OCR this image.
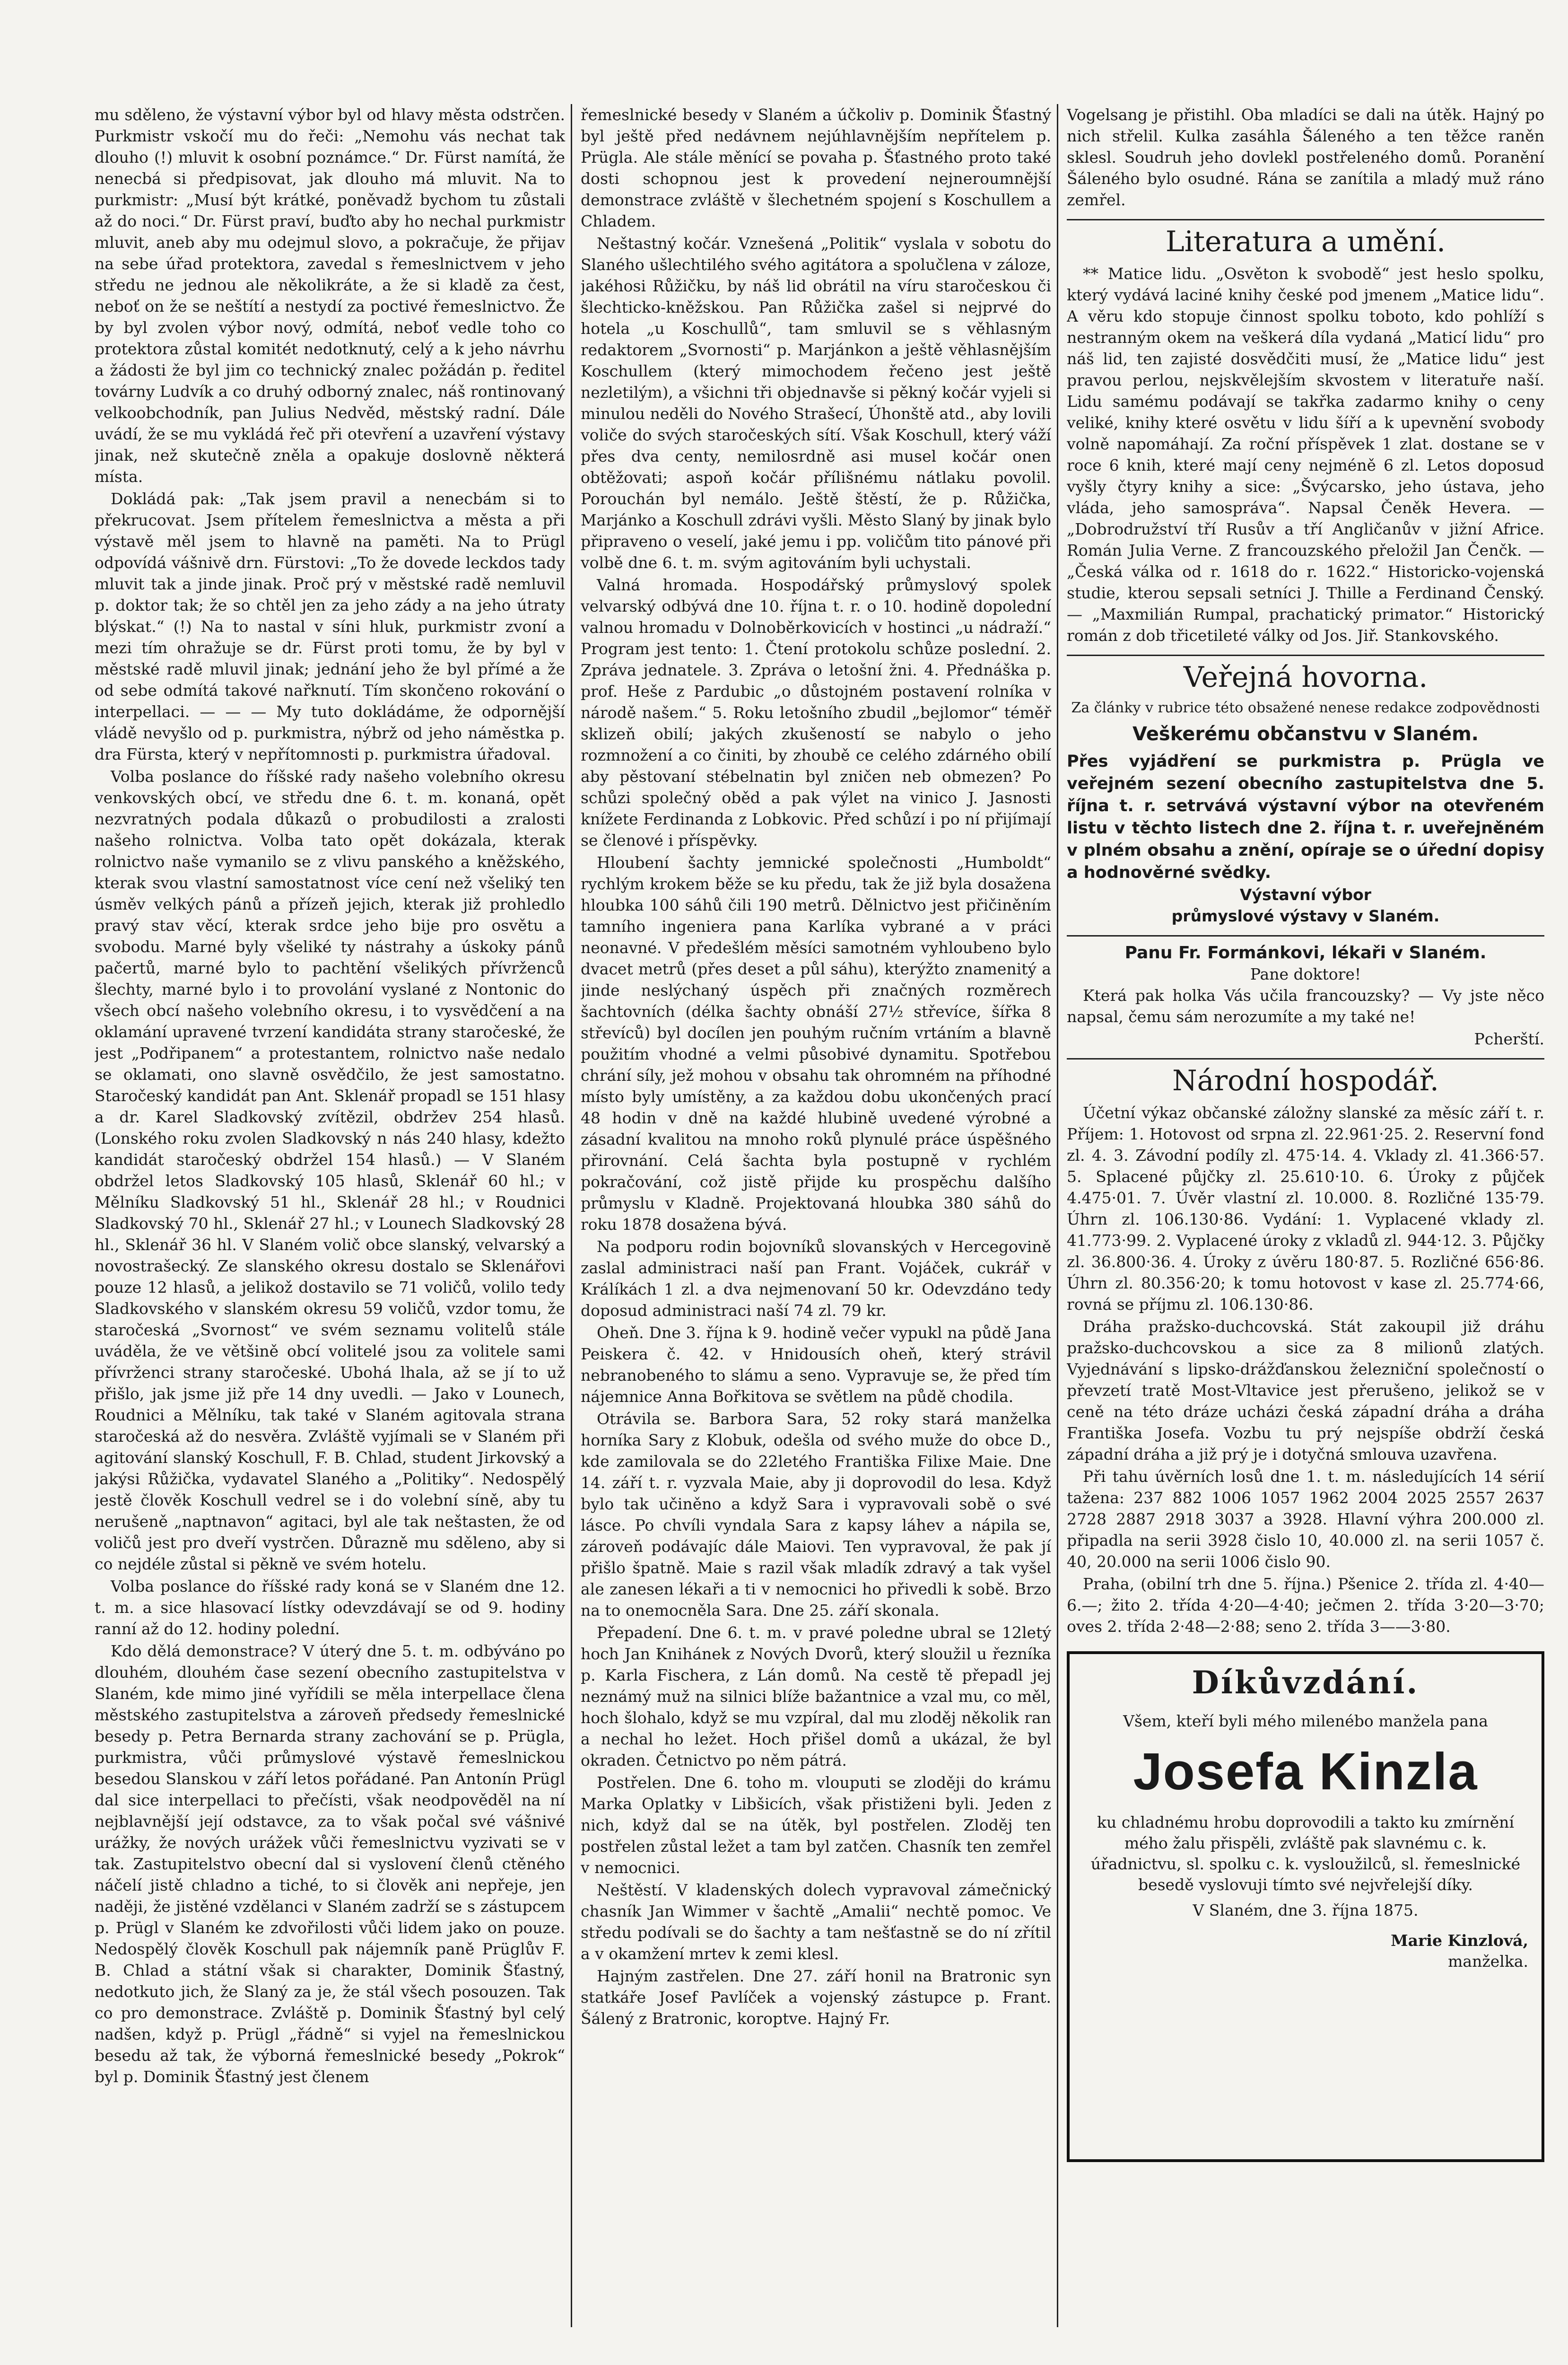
mu sděleno, že výstavní výbor byl od hlavy města odstrčen. Purkmistr vskočí mu do řeči: „Nemohu vás nechat tak dlouho (!) mluvit k osobní poznámce.“ Dr. Fürst namítá, že nenecbá si předpisovat, jak dlouho má mluvit. Na to purkmistr: „Musí být krátké, poněvadž bychom tu zůstali až do noci.“ Dr. Fürst praví, buďto aby ho nechal purkmistr mluvit, aneb aby mu odejmul slovo, a pokračuje, že přijav na sebe úřad protektora, zavedal s řemeslnictvem v jeho středu ne jednou ale několikráte, a že si kladě za čest, neboť on že se neštítí a nestydí za poctivé řemeslnictvo. Že by byl zvolen výbor nový, odmítá, neboť vedle toho co protektora zůstal komitét nedotknutý, celý a k jeho návrhu a žádosti že byl jim co technický znalec požádán p. ředitel továrny Ludvík a co druhý odborný znalec, náš rontinovaný velkoobchodník, pan Julius Nedvěd, městský radní. Dále uvádí, že se mu vykládá řeč při otevření a uzavření výstavy jinak, než skutečně zněla a opakuje doslovně některá místa.

Dokládá pak: „Tak jsem pravil a nenecbám si to překrucovat. Jsem přítelem řemeslnictva a města a při výstavě měl jsem to hlavně na paměti. Na to Prügl odpovídá vášnivě drn. Fürstovi: „To že dovede leckdos tady mluvit tak a jinde jinak. Proč prý v městské radě nemluvil p. doktor tak; že so chtěl jen za jeho zády a na jeho útraty blýskat.“ (!) Na to nastal v síni hluk, purkmistr zvoní a mezi tím ohražuje se dr. Fürst proti tomu, že by byl v městské radě mluvil jinak; jednání jeho že byl přímé a že od sebe odmítá takové nařknutí. Tím skončeno rokování o interpellaci. — — — My tuto dokládáme, že odpornější vládě nevyšlo od p. purkmistra, nýbrž od jeho náměstka p. dra Fürsta, který v nepřítomnosti p. purkmistra úřadoval.

Volba poslance do říšské rady našeho volebního okresu venkovských obcí, ve středu dne 6. t. m. konaná, opět nezvratných podala důkazů o probudilosti a zralosti našeho rolnictva. Volba tato opět dokázala, kterak rolnictvo naše vymanilo se z vlivu panského a kněžského, kterak svou vlastní samostatnost více cení než všeliký ten úsměv velkých pánů a přízeň jejich, kterak již prohledlo pravý stav věcí, kterak srdce jeho bije pro osvětu a svobodu. Marné byly všeliké ty nástrahy a úskoky pánů pačertů, marné bylo to pachtění všelikých přívrženců šlechty, marné bylo i to provolání vyslané z Nontonic do všech obcí našeho volebního okresu, i to vysvědčení a na oklamání upravené tvrzení kandidáta strany staročeské, že jest „Podřipanem“ a protestantem, rolnictvo naše nedalo se oklamati, ono slavně osvědčilo, že jest samostatno. Staročeský kandidát pan Ant. Sklenář propadl se 151 hlasy a dr. Karel Sladkovský zvítězil, obdržev 254 hlasů. (Lonského roku zvolen Sladkovský n nás 240 hlasy, kdežto kandidát staročeský obdržel 154 hlasů.) — V Slaném obdržel letos Sladkovský 105 hlasů, Sklenář 60 hl.; v Mělníku Sladkovský 51 hl., Sklenář 28 hl.; v Roudnici Sladkovský 70 hl., Sklenář 27 hl.; v Lounech Sladkovský 28 hl., Sklenář 36 hl. V Slaném volič obce slanský, velvarský a novostrašecký. Ze slanského okresu dostalo se Sklenářovi pouze 12 hlasů, a jelikož dostavilo se 71 voličů, volilo tedy Sladkovského v slanském okresu 59 voličů, vzdor tomu, že staročeská „Svornost“ ve svém seznamu volitelů stále uváděla, že ve většině obcí volitelé jsou za volitele sami přívrženci strany staročeské. Ubohá lhala, až se jí to už přišlo, jak jsme již pře 14 dny uvedli. — Jako v Lounech, Roudnici a Mělníku, tak také v Slaném agitovala strana staročeská až do nesvěra. Zvláště vyjímali se v Slaném při agitování slanský Koschull, F. B. Chlad, student Jirkovský a jakýsi Růžička, vydavatel Slaného a „Politiky“. Nedospělý jestě člověk Koschull vedrel se i do volební síně, aby tu nerušeně „naptnavon“ agitaci, byl ale tak neštasten, že od voličů jest pro dveří vystrčen. Důrazně mu sděleno, aby si co nejdéle zůstal si pěkně ve svém hotelu.

Volba poslance do říšské rady koná se v Slaném dne 12. t. m. a sice hlasovací lístky odevzdávají se od 9. hodiny ranní až do 12. hodiny polední.

Kdo dělá demonstrace? V úterý dne 5. t. m. odbýváno po dlouhém, dlouhém čase sezení obecního zastupitelstva v Slaném, kde mimo jiné vyřídili se měla interpellace člena městského zastupitelstva a zároveň předsedy řemeslnické besedy p. Petra Bernarda strany zachování se p. Prügla, purkmistra, vůči průmyslové výstavě řemeslnickou besedou Slanskou v září letos pořádané. Pan Antonín Prügl dal sice interpellaci to přečísti, však neodpověděl na ní nejblavnější její odstavce, za to však počal své vášnivé urážky, že nových urážek vůči řemeslnictvu vyzivati se v tak. Zastupitelstvo obecní dal si vyslovení členů ctěného náčelí jistě chladno a tiché, to si člověk ani nepřeje, jen naději, že jistěné vzdělanci v Slaném zadrží se s zástupcem p. Prügl v Slaném ke zdvořilosti vůči lidem jako on pouze. Nedospělý člověk Koschull pak nájemník paně Prüglův F. B. Chlad a státní však si charakter, Dominik Šťastný, nedotkuto jich, že Slaný za je, že stál všech posouzen. Tak co pro demonstrace. Zvláště p. Dominik Šťastný byl celý nadšen, když p. Prügl „řádně“ si vyjel na řemeslnickou besedu až tak, že výborná řemeslnické besedy „Pokrok“ byl p. Dominik Šťastný jest členem

řemeslnické besedy v Slaném a účkoliv p. Dominik Šťastný byl ještě před nedávnem nejúhlavnějším nepřítelem p. Prügla. Ale stále měnící se povaha p. Šťastného proto také dosti schopnou jest k provedení nejneroumnější demonstrace zvláště v šlechetném spojení s Koschullem a Chladem.

Neštastný kočár. Vznešená „Politik“ vyslala v sobotu do Slaného ušlechtilého svého agitátora a spolučlena v záloze, jakéhosi Růžičku, by náš lid obrátil na víru staročeskou či šlechticko-kněžskou. Pan Růžička zašel si nejprvé do hotela „u Koschullů“, tam smluvil se s věhlasným redaktorem „Svornosti“ p. Marjánkon a ještě věhlasnějším Koschullem (který mimochodem řečeno jest ještě nezletilým), a všichni tři objednavše si pěkný kočár vyjeli si minulou neděli do Nového Strašecí, Úhonště atd., aby lovili voliče do svých staročeských sítí. Však Koschull, který váží přes dva centy, nemilosrdně asi musel kočár onen obtěžovati; aspoň kočár přílišnému nátlaku povolil. Porouchán byl nemálo. Ještě štěstí, že p. Růžička, Marjánko a Koschull zdrávi vyšli. Město Slaný by jinak bylo připraveno o veselí, jaké jemu i pp. voličům tito pánové při volbě dne 6. t. m. svým agitováním byli uchystali.

Valná hromada. Hospodářský průmyslový spolek velvarský odbývá dne 10. října t. r. o 10. hodině dopolední valnou hromadu v Dolnoběrkovicích v hostinci „u nádraží.“ Program jest tento: 1. Čtení protokolu schůze poslední. 2. Zpráva jednatele. 3. Zpráva o letošní žni. 4. Přednáška p. prof. Heše z Pardubic „o důstojném postavení rolníka v národě našem.“ 5. Roku letošního zbudil „bejlomor“ téměř sklizeň obilí; jakých zkušeností se nabylo o jeho rozmnožení a co činiti, by zhoubě ce celého zdárného obilí aby pěstovaní stébelnatin byl zničen neb obmezen? Po schůzi společný oběd a pak výlet na vinico J. Jasnosti knížete Ferdinanda z Lobkovic. Před schůzí i po ní přijímají se členové i příspěvky.

Hloubení šachty jemnické společnosti „Humboldt“ rychlým krokem běže se ku předu, tak že již byla dosažena hloubka 100 sáhů čili 190 metrů. Dělnictvo jest přičiněním tamního ingeniera pana Karlíka vybrané a v práci neonavné. V předešlém měsíci samotném vyhloubeno bylo dvacet metrů (přes deset a půl sáhu), kterýžto znamenitý a jinde neslýchaný úspěch při značných rozměrech šachtovních (délka šachty obnáší 27½ střevíce, šířka 8 střevíců) byl docílen jen pouhým ručním vrtáním a blavně použitím vhodné a velmi působivé dynamitu. Spotřebou chrání síly, jež mohou v obsahu tak ohromném na příhodné místo byly umístěny, a za každou dobu ukončených prací 48 hodin v dně na každé hlubině uvedené výrobné a zásadní kvalitou na mnoho roků plynulé práce úspěšného přirovnání. Celá šachta byla postupně v rychlém pokračování, což jistě přijde ku prospěchu dalšího průmyslu v Kladně. Projektovaná hloubka 380 sáhů do roku 1878 dosažena bývá.

Na podporu rodin bojovníků slovanských v Hercegovině zaslal administraci naší pan Frant. Vojáček, cukrář v Králíkách 1 zl. a dva nejmenovaní 50 kr. Odevzdáno tedy doposud administraci naší 74 zl. 79 kr.

Oheň. Dne 3. října k 9. hodině večer vypukl na půdě Jana Peiskera č. 42. v Hnidousích oheň, který strávil nebranobeného to slámu a seno. Vypravuje se, že před tím nájemnice Anna Bořkitova se světlem na půdě chodila.

Otrávila se. Barbora Sara, 52 roky stará manželka horníka Sary z Klobuk, odešla od svého muže do obce D., kde zamilovala se do 22letého Františka Filixe Maie. Dne 14. září t. r. vyzvala Maie, aby ji doprovodil do lesa. Když bylo tak učiněno a když Sara i vypravovali sobě o své lásce. Po chvíli vyndala Sara z kapsy láhev a nápila se, zároveň podávajíc dále Maiovi. Ten vypravoval, že pak jí přišlo špatně. Maie s razil však mladík zdravý a tak vyšel ale zanesen lékaři a ti v nemocnici ho přivedli k sobě. Brzo na to onemocněla Sara. Dne 25. září skonala.

Přepadení. Dne 6. t. m. v pravé poledne ubral se 12letý hoch Jan Knihánek z Nových Dvorů, který sloužil u řezníka p. Karla Fischera, z Lán domů. Na cestě tě přepadl jej neznámý muž na silnici blíže bažantnice a vzal mu, co měl, hoch šlohalo, když se mu vzpíral, dal mu zloděj několik ran a nechal ho ležet. Hoch přišel domů a ukázal, že byl okraden. Četnictvo po něm pátrá.

Postřelen. Dne 6. toho m. vlouputi se zloději do krámu Marka Oplatky v Libšicích, však přistiženi byli. Jeden z nich, když dal se na útěk, byl postřelen. Zloděj ten postřelen zůstal ležet a tam byl zatčen. Chasník ten zemřel v nemocnici.

Neštěstí. V kladenských dolech vypravoval zámečnický chasník Jan Wimmer v šachtě „Amalii“ nechtě pomoc. Ve středu podívali se do šachty a tam nešťastně se do ní zřítil a v okamžení mrtev k zemi klesl.

Hajným zastřelen. Dne 27. září honil na Bratronic syn statkáře Josef Pavlíček a vojenský zástupce p. Frant. Šálený z Bratronic, koroptve. Hajný Fr.

Vogelsang je přistihl. Oba mladíci se dali na útěk. Hajný po nich střelil. Kulka zasáhla Šáleného a ten těžce raněn sklesl. Soudruh jeho dovlekl postřeleného domů. Poranění Šáleného bylo osudné. Rána se zanítila a mladý muž ráno zemřel.

Literatura a umění.

** Matice lidu. „Osvěton k svobodě“ jest heslo spolku, který vydává laciné knihy české pod jmenem „Matice lidu“. A věru kdo stopuje činnost spolku toboto, kdo pohlíží s nestranným okem na veškerá díla vydaná „Maticí lidu“ pro náš lid, ten zajisté dosvědčiti musí, že „Matice lidu“ jest pravou perlou, nejskvělejším skvostem v literatuře naší. Lidu samému podávají se takřka zadarmo knihy o ceny veliké, knihy které osvětu v lidu šíří a k upevnění svobody volně napomáhají. Za roční příspěvek 1 zlat. dostane se v roce 6 knih, které mají ceny nejméně 6 zl. Letos doposud vyšly čtyry knihy a sice: „Švýcarsko, jeho ústava, jeho vláda, jeho samospráva“. Napsal Čeněk Hevera. — „Dobrodružství tří Rusův a tří Angličanův v jižní Africe. Román Julia Verne. Z francouzského přeložil Jan Čenčk. — „Česká válka od r. 1618 do r. 1622.“ Historicko-vojenská studie, kterou sepsali setníci J. Thille a Ferdinand Čenský. — „Maxmilián Rumpal, prachatický primator.“ Historický román z dob třicetileté války od Jos. Jiř. Stankovského.

Veřejná hovorna.
Za články v rubrice této obsažené nenese redakce zodpovědnosti
Veškerému občanstvu v Slaném.
Přes vyjádření se purkmistra p. Prügla ve veřejném sezení obecního zastupitelstva dne 5. října t. r. setrvává výstavní výbor na otevřeném listu v těchto listech dne 2. října t. r. uveřejněném v plném obsahu a znění, opíraje se o úřední dopisy a hodnověrné svědky.
Výstavní výbor
průmyslové výstavy v Slaném.
Panu Fr. Formánkovi, lékaři v Slaném.
Pane doktore!

Která pak holka Vás učila francouzsky? — Vy jste něco napsal, čemu sám nerozumíte a my také ne!

Pcherští.
Národní hospodář.

Účetní výkaz občanské záložny slanské za měsíc září t. r. Příjem: 1. Hotovost od srpna zl. 22.961·25. 2. Reservní fond zl. 4. 3. Závodní podíly zl. 475·14. 4. Vklady zl. 41.366·57. 5. Splacené půjčky zl. 25.610·10. 6. Úroky z půjček 4.475·01. 7. Úvěr vlastní zl. 10.000. 8. Rozličné 135·79. Úhrn zl. 106.130·86. Vydání: 1. Vyplacené vklady zl. 41.773·99. 2. Vyplacené úroky z vkladů zl. 944·12. 3. Půjčky zl. 36.800·36. 4. Úroky z úvěru 180·87. 5. Rozličné 656·86. Úhrn zl. 80.356·20; k tomu hotovost v kase zl. 25.774·66, rovná se příjmu zl. 106.130·86.

Dráha pražsko-duchcovská. Stát zakoupil již dráhu pražsko-duchcovskou a sice za 8 milionů zlatých. Vyjednávání s lipsko-drážďanskou železniční společností o převzetí tratě Most-Vltavice jest přerušeno, jelikož se v ceně na této dráze ucházi česká západní dráha a dráha Františka Josefa. Vozbu tu prý nejspíše obdrží česká západní dráha a již prý je i dotyčná smlouva uzavřena.

Při tahu úvěrních losů dne 1. t. m. následujících 14 sérií tažena: 237 882 1006 1057 1962 2004 2025 2557 2637 2728 2887 2918 3037 a 3928. Hlavní výhra 200.000 zl. připadla na serii 3928 čislo 10, 40.000 zl. na serii 1057 č. 40, 20.000 na serii 1006 čislo 90.

Praha, (obilní trh dne 5. října.) Pšenice 2. třída zl. 4·40—6.—; žito 2. třída 4·20—4·40; ječmen 2. třída 3·20—3·70; oves 2. třída 2·48—2·88; seno 2. třída 3——3·80.

Díkůvzdání.
Všem, kteří byli mého milenébo manžela pana
Josefa Kinzla
ku chladnému hrobu doprovodili a takto ku zmírnění mého žalu přispěli, zvláště pak slavnému c. k. úřadnictvu, sl. spolku c. k. vysloužilců, sl. řemeslnické besedě vyslovuji tímto své nejvřelejší díky.
V Slaném, dne 3. října 1875.
Marie Kinzlová,
manželka.
